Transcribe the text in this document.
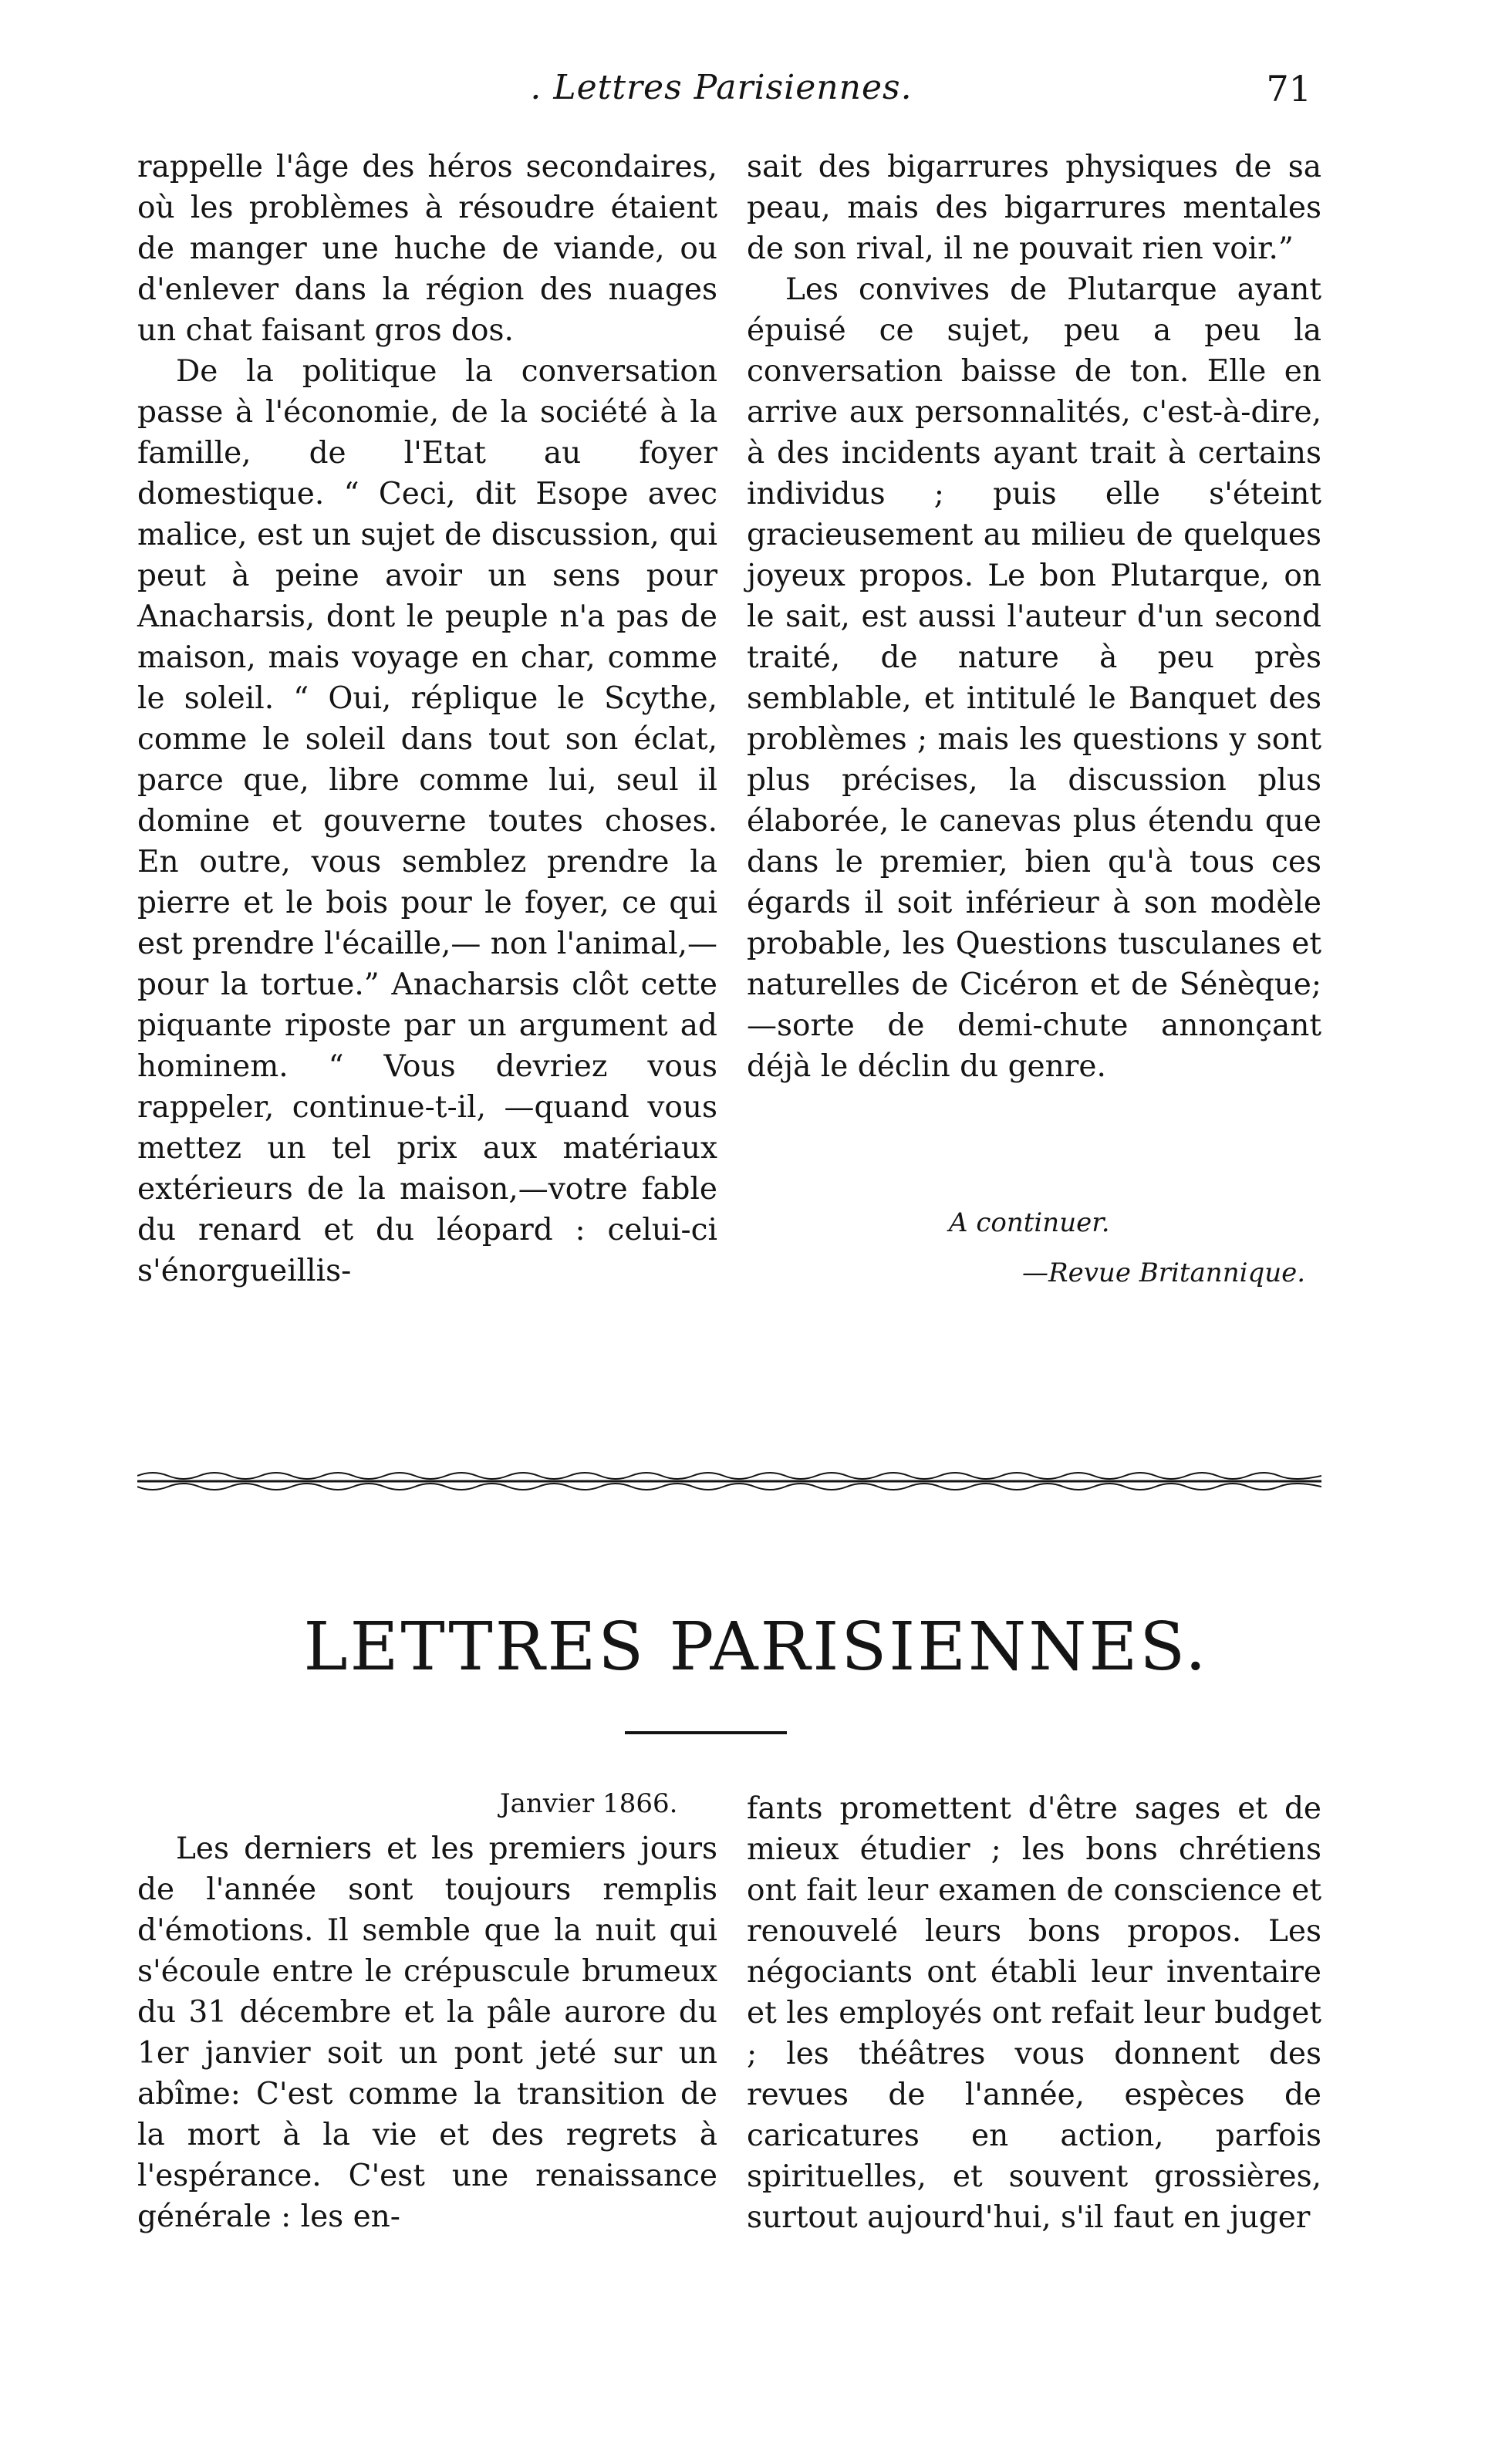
. Lettres Parisiennes.	71

rappelle l'âge des héros secondaires, où les problèmes à résoudre étaient de manger une huche de viande, ou d'enlever dans la région des nuages un chat faisant gros dos.

De la politique la conversation passe à l'économie, de la société à la famille, de l'Etat au foyer domestique. “ Ceci, dit Esope avec malice, est un sujet de discussion, qui peut à peine avoir un sens pour Anacharsis, dont le peuple n'a pas de maison, mais voyage en char, comme le soleil. “ Oui, réplique le Scythe, comme le soleil dans tout son éclat, parce que, libre comme lui, seul il domine et gouverne toutes choses. En outre, vous semblez prendre la pierre et le bois pour le foyer, ce qui est prendre l'écaille,— non l'animal,— pour la tortue.” Anacharsis clôt cette piquante riposte par un argument ad hominem. “ Vous devriez vous rappeler, continue-t-il, —quand vous mettez un tel prix aux matériaux extérieurs de la maison,—votre fable du renard et du léopard : celui-ci s'énorgueillis-

sait des bigarrures physiques de sa peau, mais des bigarrures mentales de son rival, il ne pouvait rien voir.”

Les convives de Plutarque ayant épuisé ce sujet, peu a peu la conversation baisse de ton. Elle en arrive aux personnalités, c'est-à-dire, à des incidents ayant trait à certains individus ; puis elle s'éteint gracieusement au milieu de quelques joyeux propos. Le bon Plutarque, on le sait, est aussi l'auteur d'un second traité, de nature à peu près semblable, et intitulé le Banquet des problèmes ; mais les questions y sont plus précises, la discussion plus élaborée, le canevas plus étendu que dans le premier, bien qu'à tous ces égards il soit inférieur à son modèle probable, les Questions tusculanes et naturelles de Cicéron et de Sénèque; —sorte de demi-chute annonçant déjà le déclin du genre.

A continuer.
—Revue Britannique.
LETTRES PARISIENNES.
Janvier 1866.

Les derniers et les premiers jours de l'année sont toujours remplis d'émotions. Il semble que la nuit qui s'écoule entre le crépuscule brumeux du 31 décembre et la pâle aurore du 1er janvier soit un pont jeté sur un abîme: C'est comme la transition de la mort à la vie et des regrets à l'espérance. C'est une renaissance générale : les en-

fants promettent d'être sages et de mieux étudier ; les bons chrétiens ont fait leur examen de conscience et renouvelé leurs bons propos. Les négociants ont établi leur inventaire et les employés ont refait leur budget ; les théâtres vous donnent des revues de l'année, espèces de caricatures en action, parfois spirituelles, et souvent grossières, surtout aujourd'hui, s'il faut en juger
